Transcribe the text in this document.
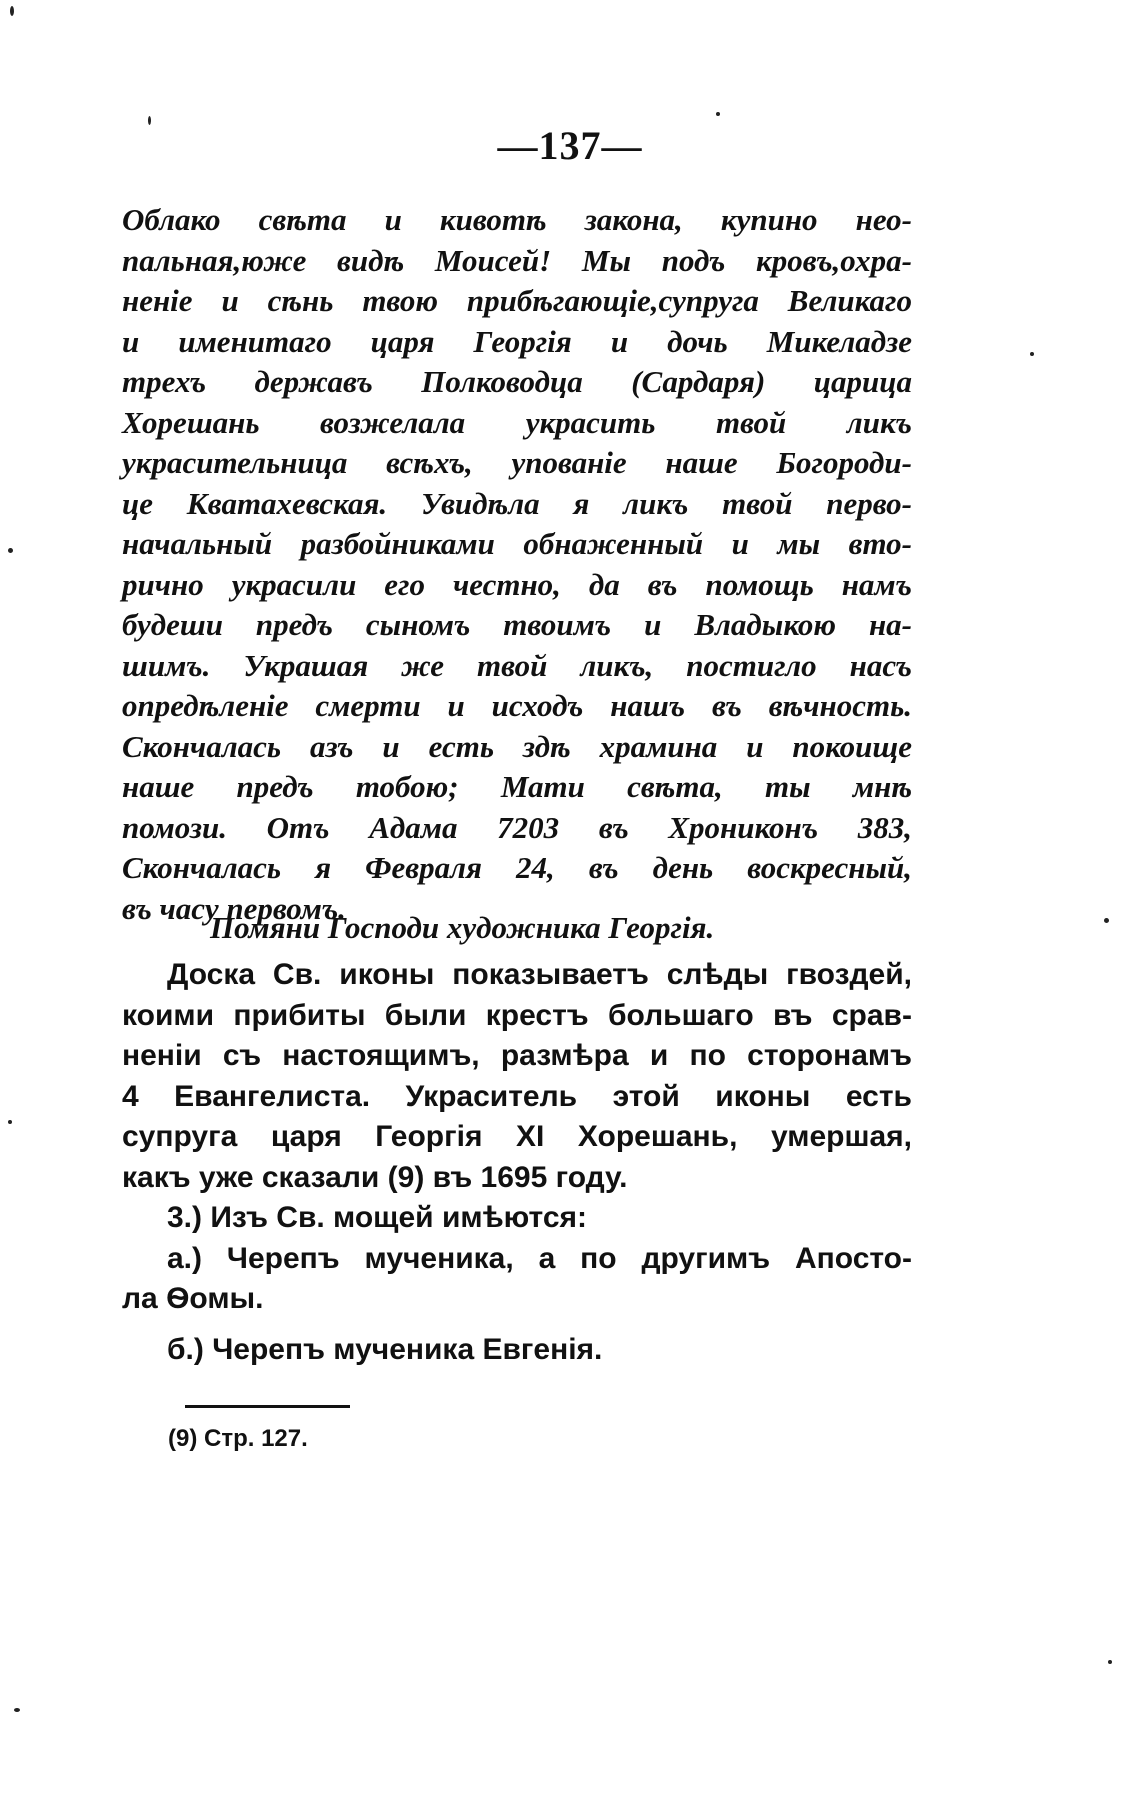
—137—
Облако свѣта и кивотѣ закона, купино нео-
пальная,юже видѣ Моисей! Мы подъ кровъ,охра-
неніе и сѣнь твою прибѣгающіе,супруга Великаго
и именитаго царя Георгія и дочь Микеладзе
трехъ державъ Полководца (Сардаря) царица
Хорешань возжелала украсить твой ликъ
украсительница всѣхъ, упованіе наше Богороди-
це Кватахевская. Увидѣла я ликъ твой перво-
начальный разбойниками обнаженный и мы вто-
рично украсили его честно, да въ помощь намъ
будеши предъ сыномъ твоимъ и Владыкою на-
шимъ. Украшая же твой ликъ, постигло насъ
опредѣленіе смерти и исходъ нашъ въ вѣчность.
Скончалась азъ и есть здѣ храмина и покоище
наше предъ тобою; Мати свѣта, ты мнѣ
помози. Отъ Адама 7203 въ Хрониконъ 383,
Скончалась я Февраля 24, въ день воскресный,
въ часу первомъ.
Помяни Господи художника Георгія.
Доска Св. иконы показываетъ слѣды гвоздей,
коими прибиты были крестъ большаго въ срав-
неніи съ настоящимъ, размѣра и по сторонамъ
4 Евангелиста. Украситель этой иконы есть
супруга царя Георгія XI Хорешань, умершая,
какъ уже сказали (9) въ 1695 году.
3.) Изъ Св. мощей имѣются:
а.) Черепъ мученика, а по другимъ Апосто-
ла Ѳомы.
б.) Черепъ мученика Евгенія.
(9) Стр. 127.
